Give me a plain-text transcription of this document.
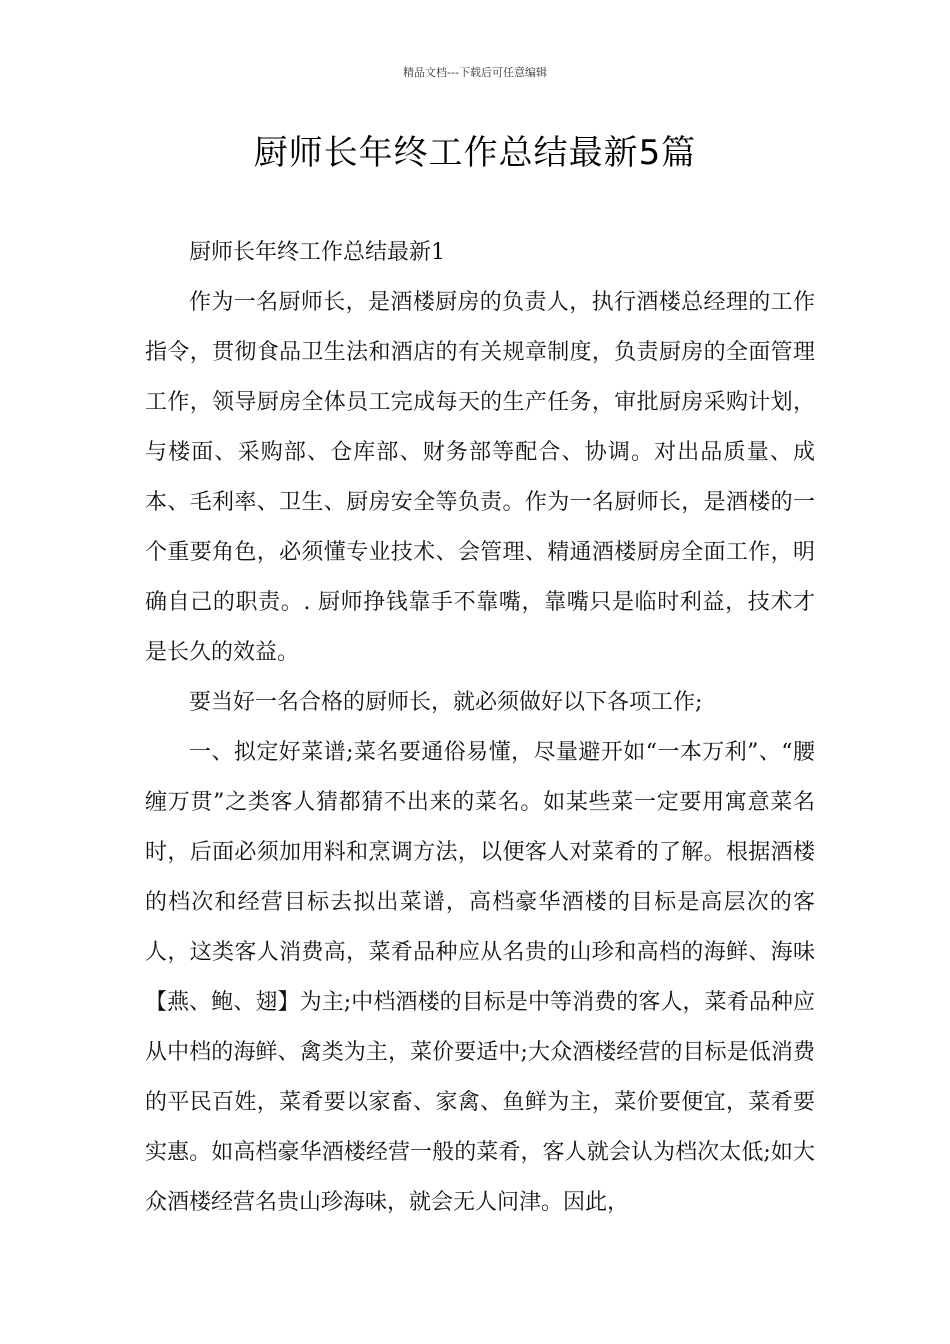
精品文档---下载后可任意编辑
厨师长年终工作总结最新5篇

厨师长年终工作总结最新1

作为一名厨师长，是酒楼厨房的负责人，执行酒楼总经理的工作指令，贯彻食品卫生法和酒店的有关规章制度，负责厨房的全面管理工作，领导厨房全体员工完成每天的生产任务，审批厨房采购计划，与楼面、采购部、仓库部、财务部等配合、协调。对出品质量、成本、毛利率、卫生、厨房安全等负责。作为一名厨师长，是酒楼的一个重要角色，必须懂专业技术、会管理、精通酒楼厨房全面工作，明确自己的职责。. 厨师挣钱靠手不靠嘴，靠嘴只是临时利益，技术才是长久的效益。

要当好一名合格的厨师长，就必须做好以下各项工作;

一、拟定好菜谱;菜名要通俗易懂，尽量避开如“一本万利”、“腰缠万贯”之类客人猜都猜不出来的菜名。如某些菜一定要用寓意菜名时，后面必须加用料和烹调方法，以便客人对菜肴的了解。根据酒楼的档次和经营目标去拟出菜谱，高档豪华酒楼的目标是高层次的客人，这类客人消费高，菜肴品种应从名贵的山珍和高档的海鲜、海味【燕、鲍、翅】为主;中档酒楼的目标是中等消费的客人，菜肴品种应从中档的海鲜、禽类为主，菜价要适中;大众酒楼经营的目标是低消费的平民百姓，菜肴要以家畜、家禽、鱼鲜为主，菜价要便宜，菜肴要实惠。如高档豪华酒楼经营一般的菜肴，客人就会认为档次太低;如大众酒楼经营名贵山珍海味，就会无人问津。因此，
